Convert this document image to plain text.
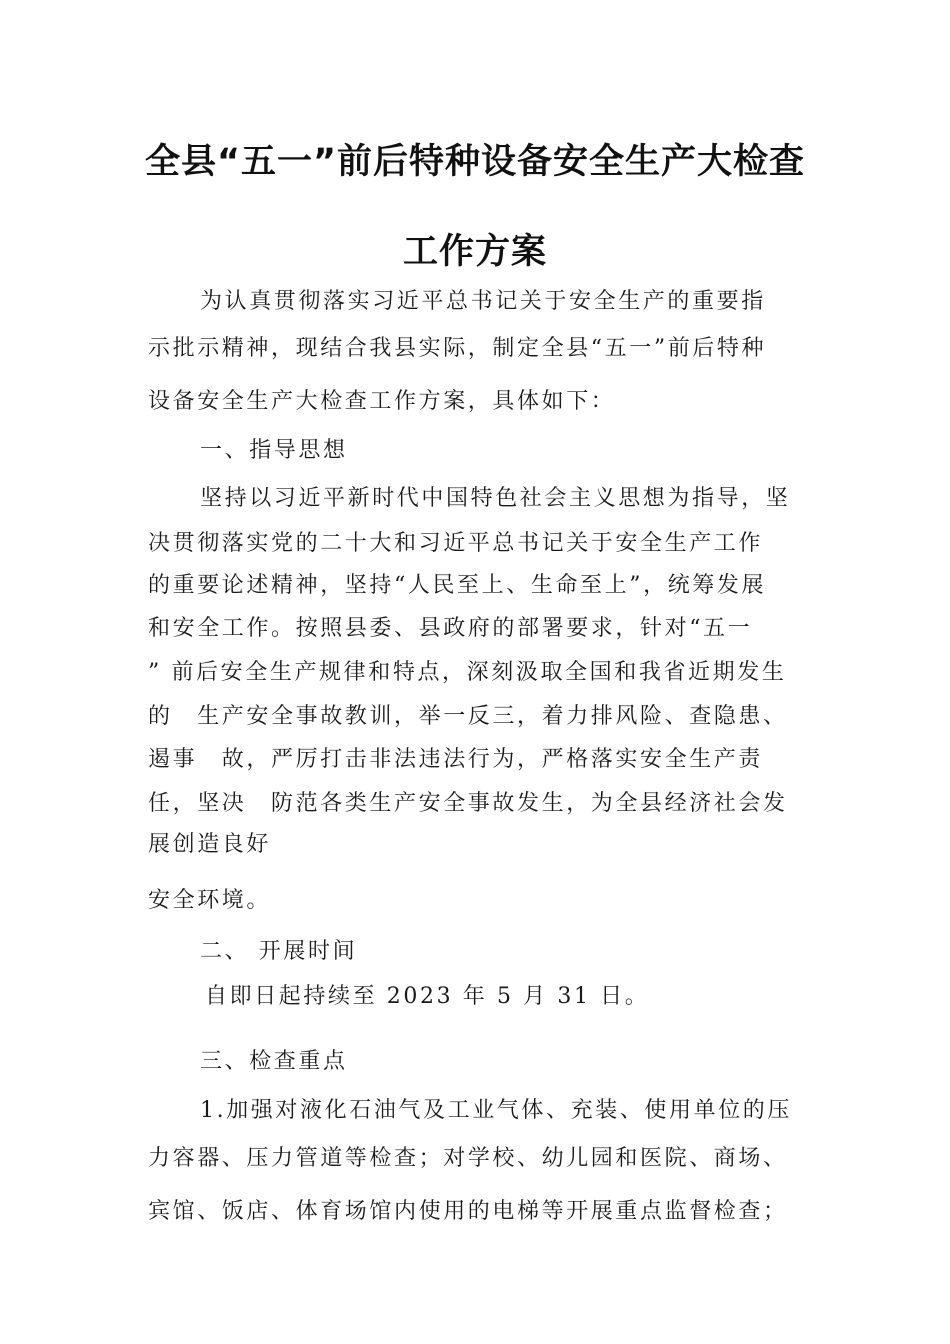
全县“五一”前后特种设备安全生产大检查
工作方案
为认真贯彻落实习近平总书记关于安全生产的重要指
示批示精神，现结合我县实际，制定全县“五一”前后特种
设备安全生产大检查工作方案，具体如下：
一、指导思想
坚持以习近平新时代中国特色社会主义思想为指导，坚
决贯彻落实党的二十大和习近平总书记关于安全生产工作
的重要论述精神，坚持“人民至上、生命至上”，统筹发展
和安全工作。按照县委、县政府的部署要求，针对“五一
” 前后安全生产规律和特点，深刻汲取全国和我省近期发生
的　生产安全事故教训，举一反三，着力排风险、查隐患、
遏事　故，严厉打击非法违法行为，严格落实安全生产责
任，坚决　防范各类生产安全事故发生，为全县经济社会发
展创造良好
安全环境。
二、 开展时间
自即日起持续至 2023 年 5 月 31 日。
三、检查重点
1.加强对液化石油气及工业气体、充装、使用单位的压
力容器、压力管道等检查；对学校、幼儿园和医院、商场、
宾馆、饭店、体育场馆内使用的电梯等开展重点监督检查；
